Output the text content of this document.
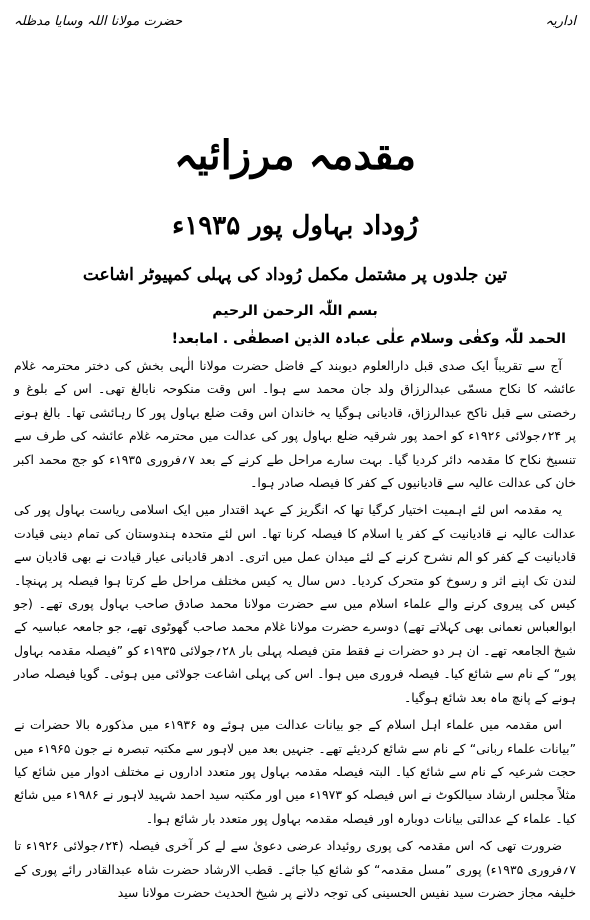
حضرت مولانا اللہ وسایا مدظلہ	اداریہ
مقدمہ مرزائیہ
رُوداد بہاول پور ۱۹۳۵ء
تین جلدوں پر مشتمل مکمل رُوداد کی پہلی کمپیوٹر اشاعت
بسم اللّٰہ الرحمن الرحیم
الحمد للّٰہ وکفٰی وسلام علٰی عبادہ الذین اصطفٰی . امابعد!

آج سے تقریباً ایک صدی قبل دارالعلوم دیوبند کے فاضل حضرت مولانا الٰہی بخش کی دختر محترمہ غلام عائشہ کا نکاح مسمّی عبدالرزاق ولد جان محمد سے ہوا۔ اس وقت منکوحہ نابالغ تھی۔ اس کے بلوغ و رخصتی سے قبل ناکح عبدالرزاق، قادیانی ہوگیا یہ خاندان اس وقت ضلع بہاول پور کا رہائشی تھا۔ بالغ ہونے پر ۲۴؍جولائی ۱۹۲۶ء کو احمد پور شرقیہ ضلع بہاول پور کی عدالت میں محترمہ غلام عائشہ کی طرف سے تنسیخ نکاح کا مقدمہ دائر کردیا گیا۔ بہت سارے مراحل طے کرنے کے بعد ۷؍فروری ۱۹۳۵ء کو جج محمد اکبر خان کی عدالت عالیہ سے قادیانیوں کے کفر کا فیصلہ صادر ہوا۔

یہ مقدمہ اس لئے اہمیت اختیار کرگیا تھا کہ انگریز کے عہد اقتدار میں ایک اسلامی ریاست بہاول پور کی عدالت عالیہ نے قادیانیت کے کفر یا اسلام کا فیصلہ کرنا تھا۔ اس لئے متحدہ ہندوستان کی تمام دینی قیادت قادیانیت کے کفر کو الم نشرح کرنے کے لئے میدان عمل میں اتری۔ ادھر قادیانی عیار قیادت نے بھی قادیان سے لندن تک اپنے اثر و رسوخ کو متحرک کردیا۔ دس سال یہ کیس مختلف مراحل طے کرتا ہوا فیصلہ پر پہنچا۔ کیس کی پیروی کرنے والے علماء اسلام میں سے حضرت مولانا محمد صادق صاحب بہاول پوری تھے۔ (جو ابوالعباس نعمانی بھی کہلاتے تھے) دوسرے حضرت مولانا غلام محمد صاحب گھوٹوی تھے، جو جامعہ عباسیہ کے شیخ الجامعہ تھے۔ ان ہر دو حضرات نے فقط متن فیصلہ پہلی بار ۲۸؍جولائی ۱۹۳۵ء کو ”فیصلہ مقدمہ بہاول پور“ کے نام سے شائع کیا۔ فیصلہ فروری میں ہوا۔ اس کی پہلی اشاعت جولائی میں ہوئی۔ گویا فیصلہ صادر ہونے کے پانچ ماہ بعد شائع ہوگیا۔

اس مقدمہ میں علماء اہل اسلام کے جو بیانات عدالت میں ہوئے وہ ۱۹۳۶ء میں مذکورہ بالا حضرات نے ”بیانات علماء ربانی“ کے نام سے شائع کردیئے تھے۔ جنہیں بعد میں لاہور سے مکتبہ تبصرہ نے جون ۱۹۶۵ء میں حجت شرعیہ کے نام سے شائع کیا۔ البتہ فیصلہ مقدمہ بہاول پور متعدد اداروں نے مختلف ادوار میں شائع کیا مثلاً مجلس ارشاد سیالکوٹ نے اس فیصلہ کو ۱۹۷۳ء میں اور مکتبہ سید احمد شہید لاہور نے ۱۹۸۶ء میں شائع کیا۔ علماء کے عدالتی بیانات دوبارہ اور فیصلہ مقدمہ بہاول پور متعدد بار شائع ہوا۔

ضرورت تھی کہ اس مقدمہ کی پوری روئیداد عرضی دعویٰ سے لے کر آخری فیصلہ (۲۴؍جولائی ۱۹۲۶ء تا ۷؍فروری ۱۹۳۵ء) پوری ”مسل مقدمہ“ کو شائع کیا جائے۔ قطب الارشاد حضرت شاہ عبدالقادر رائے پوری کے خلیفہ مجاز حضرت سید نفیس الحسینی کی توجہ دلانے پر شیخ الحدیث حضرت مولانا سید
